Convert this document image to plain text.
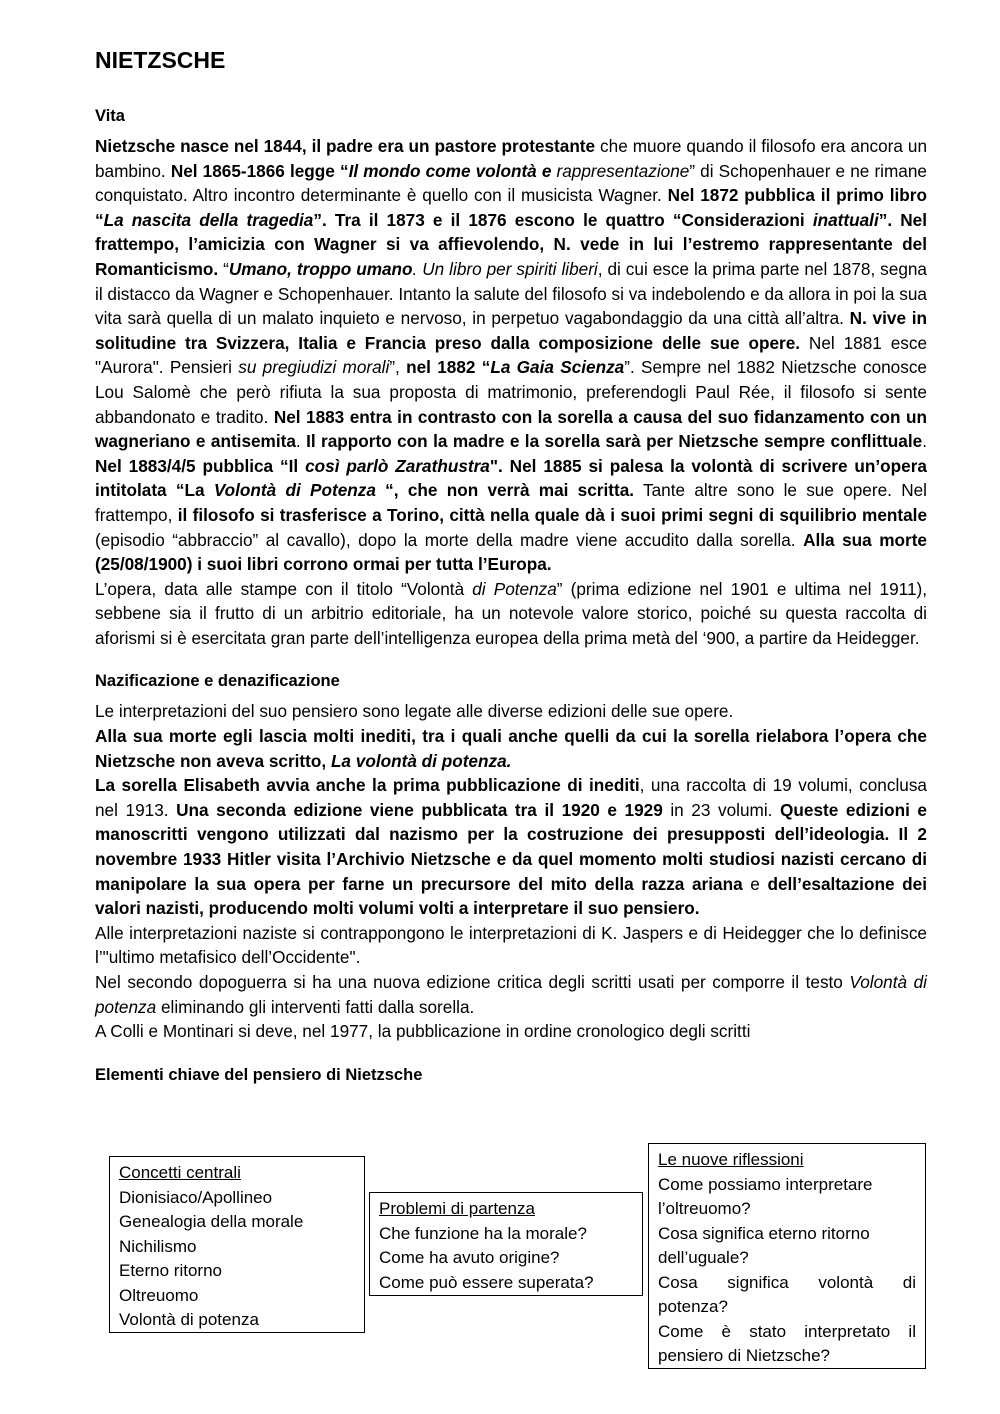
NIETZSCHE
Vita

Nietzsche nasce nel 1844, il padre era un pastore protestante che muore quando il filosofo era ancora un bambino. Nel 1865-1866 legge “Il mondo come volontà e rappresentazione” di Schopenhauer e ne rimane conquistato. Altro incontro determinante è quello con il musicista Wagner. Nel 1872 pubblica il primo libro “La nascita della tragedia”. Tra il 1873 e il 1876 escono le quattro “Considerazioni inattuali”. Nel frattempo, l’amicizia con Wagner si va affievolendo, N. vede in lui l’estremo rappresentante del Romanticismo. “Umano, troppo umano. Un libro per spiriti liberi, di cui esce la prima parte nel 1878, segna il distacco da Wagner e Schopenhauer. Intanto la salute del filosofo si va indebolendo e da allora in poi la sua vita sarà quella di un malato inquieto e nervoso, in perpetuo vagabondaggio da una città all’altra. N. vive in solitudine tra Svizzera, Italia e Francia preso dalla composizione delle sue opere. Nel 1881 esce "Aurora". Pensieri su pregiudizi morali”, nel 1882 “La Gaia Scienza”. Sempre nel 1882 Nietzsche conosce Lou Salomè che però rifiuta la sua proposta di matrimonio, preferendogli Paul Rée, il filosofo si sente abbandonato e tradito. Nel 1883 entra in contrasto con la sorella a causa del suo fidanzamento con un wagneriano e antisemita. Il rapporto con la madre e la sorella sarà per Nietzsche sempre conflittuale. Nel 1883/4/5 pubblica “Il così parlò Zarathustra". Nel 1885 si palesa la volontà di scrivere un’opera intitolata “La Volontà di Potenza “, che non verrà mai scritta. Tante altre sono le sue opere. Nel frattempo, il filosofo si trasferisce a Torino, città nella quale dà i suoi primi segni di squilibrio mentale (episodio “abbraccio” al cavallo), dopo la morte della madre viene accudito dalla sorella. Alla sua morte (25/08/1900) i suoi libri corrono ormai per tutta l’Europa.

L’opera, data alle stampe con il titolo “Volontà di Potenza” (prima edizione nel 1901 e ultima nel 1911), sebbene sia il frutto di un arbitrio editoriale, ha un notevole valore storico, poiché su questa raccolta di aforismi si è esercitata gran parte dell’intelligenza europea della prima metà del ‘900, a partire da Heidegger.

Nazificazione e denazificazione

Le interpretazioni del suo pensiero sono legate alle diverse edizioni delle sue opere.

Alla sua morte egli lascia molti inediti, tra i quali anche quelli da cui la sorella rielabora l’opera che Nietzsche non aveva scritto, La volontà di potenza.

La sorella Elisabeth avvia anche la prima pubblicazione di inediti, una raccolta di 19 volumi, conclusa nel 1913. Una seconda edizione viene pubblicata tra il 1920 e 1929 in 23 volumi. Queste edizioni e manoscritti vengono utilizzati dal nazismo per la costruzione dei presupposti dell’ideologia. Il 2 novembre 1933 Hitler visita l’Archivio Nietzsche e da quel momento molti studiosi nazisti cercano di manipolare la sua opera per farne un precursore del mito della razza ariana e dell’esaltazione dei valori nazisti, producendo molti volumi volti a interpretare il suo pensiero.

Alle interpretazioni naziste si contrappongono le interpretazioni di K. Jaspers e di Heidegger che lo definisce l’"ultimo metafisico dell’Occidente".

Nel secondo dopoguerra si ha una nuova edizione critica degli scritti usati per comporre il testo Volontà di potenza eliminando gli interventi fatti dalla sorella.

A Colli e Montinari si deve, nel 1977, la pubblicazione in ordine cronologico degli scritti

Elementi chiave del pensiero di Nietzsche
Concetti centrali
Dionisiaco/Apollineo
Genealogia della morale
Nichilismo
Eterno ritorno
Oltreuomo
Volontà di potenza
Problemi di partenza
Che funzione ha la morale?
Come ha avuto origine?
Come può essere superata?
Le nuove riflessioni
Come possiamo interpretare
l’oltreuomo?
Cosa significa eterno ritorno
dell’uguale?
Cosa significa volontà di
potenza?
Come è stato interpretato il
pensiero di Nietzsche?
